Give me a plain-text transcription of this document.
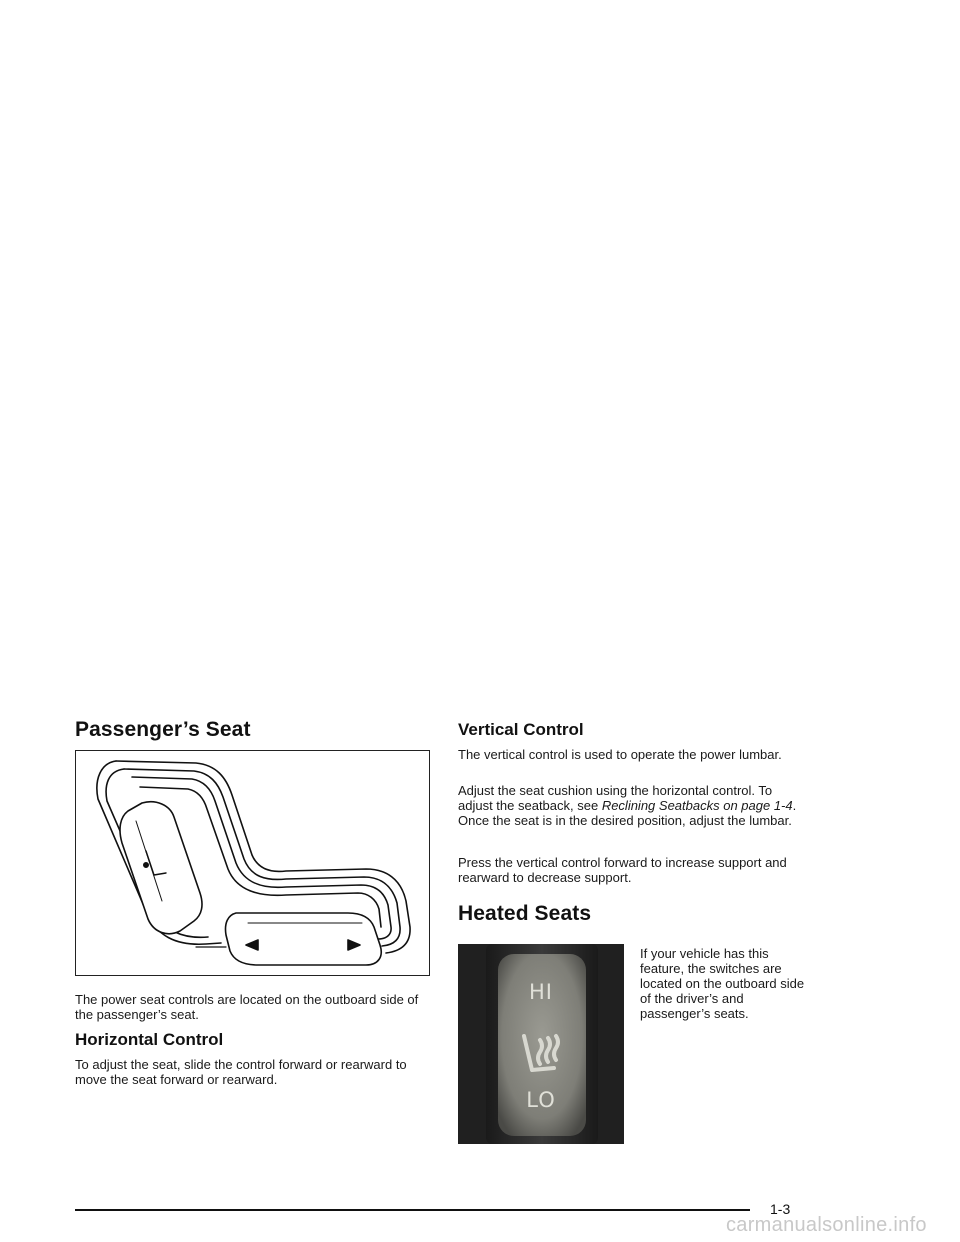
Passenger’s Seat

The power seat controls are located on the outboard side of the passenger’s seat.

Horizontal Control

To adjust the seat, slide the control forward or rearward to move the seat forward or rearward.

Vertical Control

The vertical control is used to operate the power lumbar.

Adjust the seat cushion using the horizontal control. To adjust the seatback, see Reclining Seatbacks on page 1-4. Once the seat is in the desired position, adjust the lumbar.

Press the vertical control forward to increase support and rearward to decrease support.

Heated Seats
HI
LO

If your vehicle has this feature, the switches are located on the outboard side of the driver’s and passenger’s seats.

1-3
carmanualsonline.info
